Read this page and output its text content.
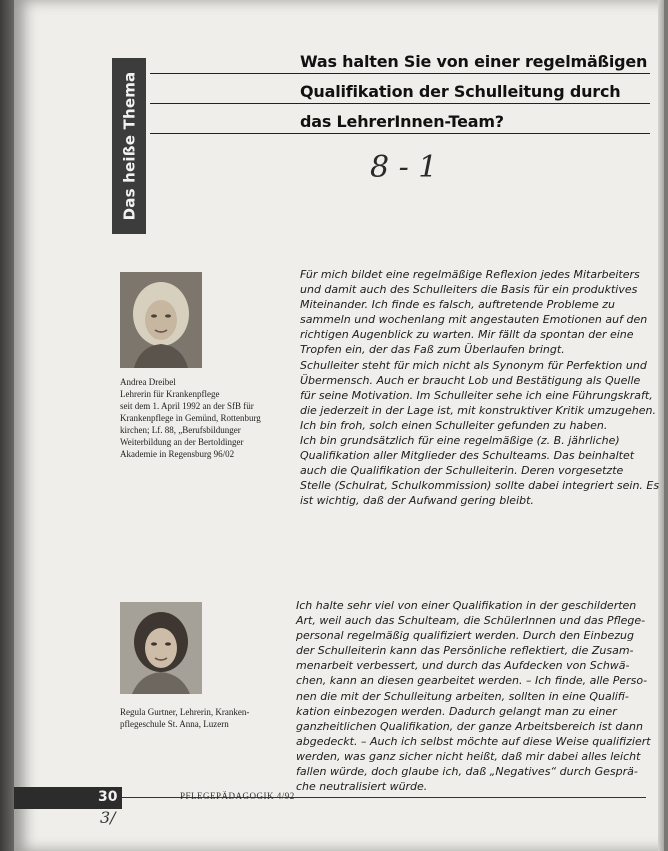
Das heiße Thema
Was halten Sie von einer regelmäßigen
Qualifikation der Schulleitung durch
das LehrerInnen-Team?
8 - 1
Andrea Dreibel
Lehrerin für Krankenpflege
seit dem 1. April 1992 an der SfB für
Krankenpflege in Gemünd, Rottenburg
kirchen; Lf. 88, „Berufsbildunger
Weiterbildung an der Bertoldinger
Akademie in Regensburg 96/02
Für mich bildet eine regelmäßige Reflexion jedes Mitarbeiters
und damit auch des Schulleiters die Basis für ein produktives
Miteinander. Ich finde es falsch, auftretende Probleme zu
sammeln und wochenlang mit angestauten Emotionen auf den
richtigen Augenblick zu warten. Mir fällt da spontan der eine
Tropfen ein, der das Faß zum Überlaufen bringt.
Schulleiter steht für mich nicht als Synonym für Perfektion und
Übermensch. Auch er braucht Lob und Bestätigung als Quelle
für seine Motivation. Im Schulleiter sehe ich eine Führungskraft,
die jederzeit in der Lage ist, mit konstruktiver Kritik umzugehen.
Ich bin froh, solch einen Schulleiter gefunden zu haben.
Ich bin grundsätzlich für eine regelmäßige (z. B. jährliche)
Qualifikation aller Mitglieder des Schulteams. Das beinhaltet
auch die Qualifikation der Schulleiterin. Deren vorgesetzte
Stelle (Schulrat, Schulkommission) sollte dabei integriert sein. Es
ist wichtig, daß der Aufwand gering bleibt.
Regula Gurtner, Lehrerin, Kranken-
pflegeschule St. Anna, Luzern
Ich halte sehr viel von einer Qualifikation in der geschilderten
Art, weil auch das Schulteam, die SchülerInnen und das Pflege-
personal regelmäßig qualifiziert werden. Durch den Einbezug
der Schulleiterin kann das Persönliche reflektiert, die Zusam-
menarbeit verbessert, und durch das Aufdecken von Schwä-
chen, kann an diesen gearbeitet werden. – Ich finde, alle Perso-
nen die mit der Schulleitung arbeiten, sollten in eine Qualifi-
kation einbezogen werden. Dadurch gelangt man zu einer
ganzheitlichen Qualifikation, der ganze Arbeitsbereich ist dann
abgedeckt. – Auch ich selbst möchte auf diese Weise qualifiziert
werden, was ganz sicher nicht heißt, daß mir dabei alles leicht
fallen würde, doch glaube ich, daß „Negatives“ durch Gesprä-
che neutralisiert würde.
30	PFLEGEPÄDAGOGIK 4/92
3/
